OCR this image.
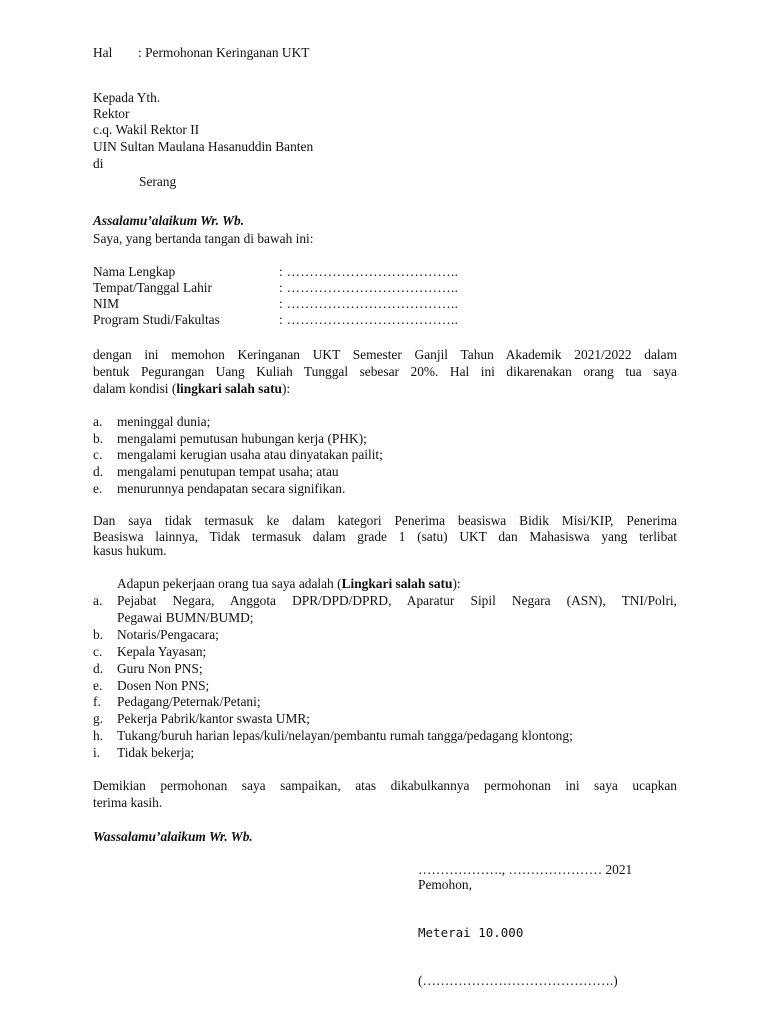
Hal : Permohonan Keringanan UKT
Kepada Yth.
Rektor
c.q. Wakil Rektor II
UIN Sultan Maulana Hasanuddin Banten
di
Serang
Assalamu’alaikum Wr. Wb.
Saya, yang bertanda tangan di bawah ini:
Nama Lengkap	: ………………………………..
Tempat/Tanggal Lahir	: ………………………………..
NIM	: ………………………………..
Program Studi/Fakultas	: ………………………………..
dengan ini memohon Keringanan UKT Semester Ganjil Tahun Akademik 2021/2022 dalam
bentuk Pegurangan Uang Kuliah Tunggal sebesar 20%. Hal ini dikarenakan orang tua saya
dalam kondisi (lingkari salah satu):
a. meninggal dunia;
b. mengalami pemutusan hubungan kerja (PHK);
c. mengalami kerugian usaha atau dinyatakan pailit;
d. mengalami penutupan tempat usaha; atau
e. menurunnya pendapatan secara signifikan.
Dan saya tidak termasuk ke dalam kategori Penerima beasiswa Bidik Misi/KIP, Penerima
Beasiswa lainnya, Tidak termasuk dalam grade 1 (satu) UKT dan Mahasiswa yang terlibat
kasus hukum.
Adapun pekerjaan orang tua saya adalah (Lingkari salah satu):
a. Pejabat Negara, Anggota DPR/DPD/DPRD, Aparatur Sipil Negara (ASN), TNI/Polri,
Pegawai BUMN/BUMD;
b. Notaris/Pengacara;
c. Kepala Yayasan;
d. Guru Non PNS;
e. Dosen Non PNS;
f. Pedagang/Peternak/Petani;
g. Pekerja Pabrik/kantor swasta UMR;
h. Tukang/buruh harian lepas/kuli/nelayan/pembantu rumah tangga/pedagang klontong;
i. Tidak bekerja;
Demikian permohonan saya sampaikan, atas dikabulkannya permohonan ini saya ucapkan
terima kasih.
Wassalamu’alaikum Wr. Wb.
………………., ………………… 2021
Pemohon,
Meterai 10.000
(…………………………………….)
